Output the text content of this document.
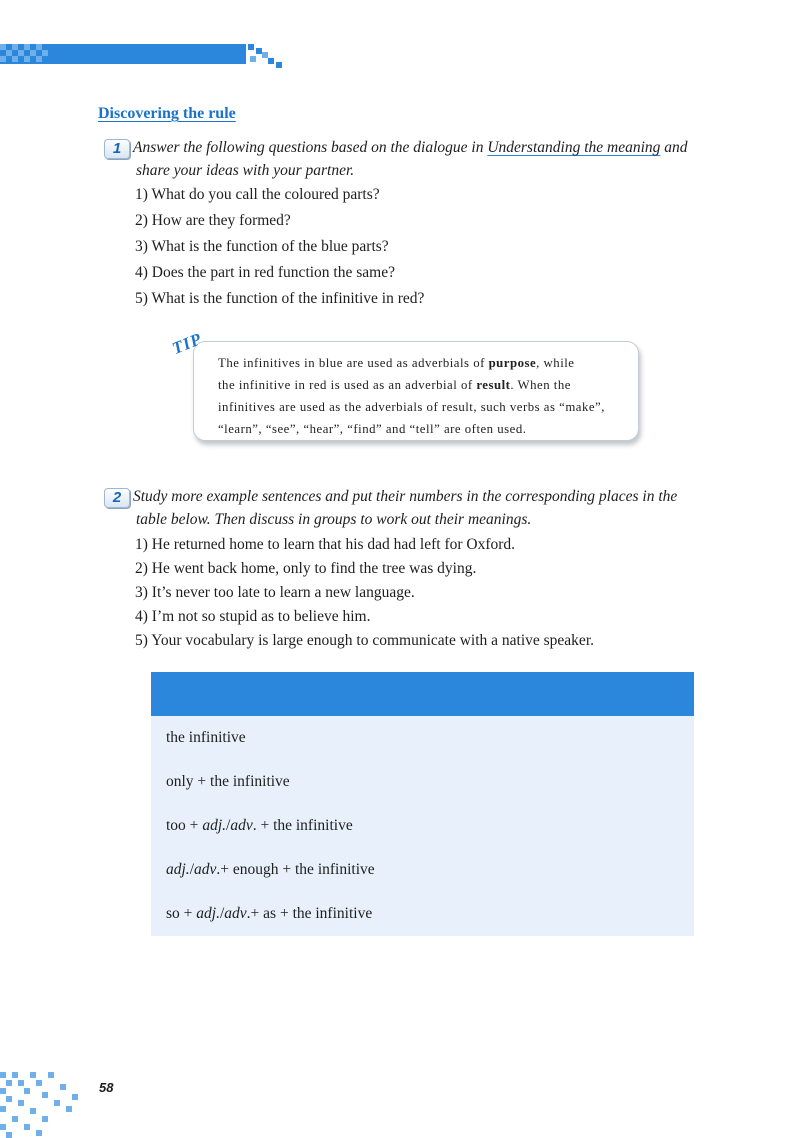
Discovering the rule
1 Answer the following questions based on the dialogue in Understanding the meaning and
share your ideas with your partner.
1) What do you call the coloured parts?
2) How are they formed?
3) What is the function of the blue parts?
4) Does the part in red function the same?
5) What is the function of the infinitive in red?
TIP
The infinitives in blue are used as adverbials of purpose, while
the infinitive in red is used as an adverbial of result. When the
infinitives are used as the adverbials of result, such verbs as “make”,
“learn”, “see”, “hear”, “find” and “tell” are often used.
2 Study more example sentences and put their numbers in the corresponding places in the
table below. Then discuss in groups to work out their meanings.
1) He returned home to learn that his dad had left for Oxford.
2) He went back home, only to find the tree was dying.
3) It’s never too late to learn a new language.
4) I’m not so stupid as to believe him.
5) Your vocabulary is large enough to communicate with a native speaker.
the infinitive
only + the infinitive
too + adj./adv. + the infinitive
adj./adv.+ enough + the infinitive
so + adj./adv.+ as + the infinitive
58
